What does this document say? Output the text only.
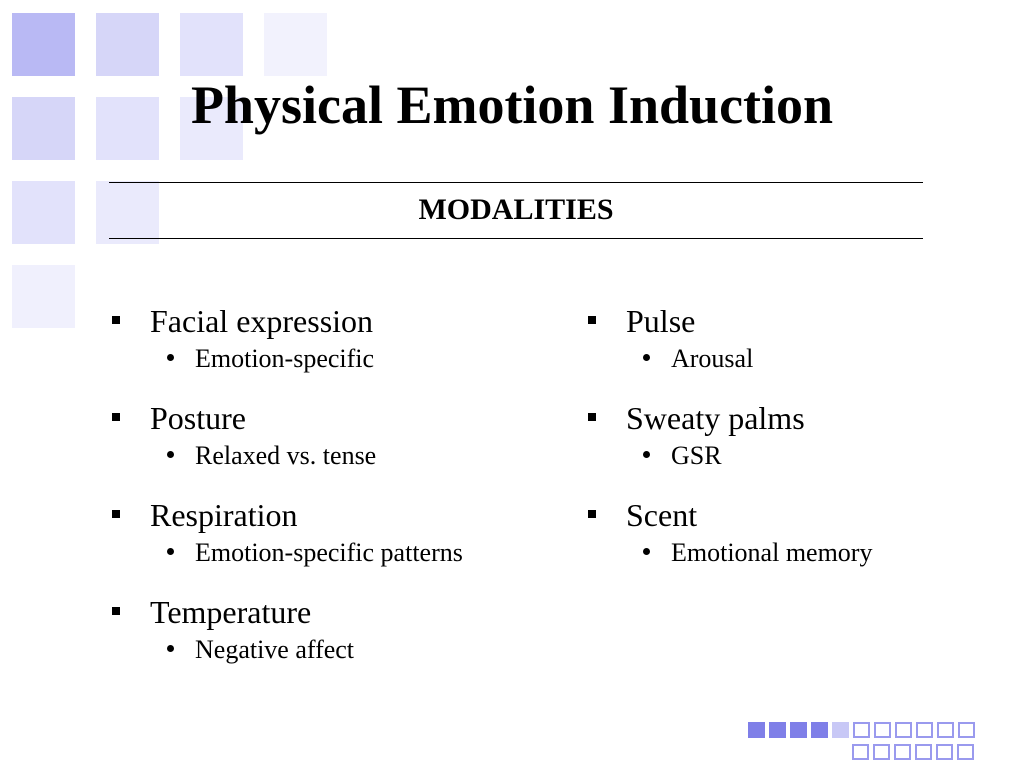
Physical Emotion Induction
MODALITIES
Facial expression
Emotion-specific
Posture
Relaxed vs. tense
Respiration
Emotion-specific patterns
Temperature
Negative affect
Pulse
Arousal
Sweaty palms
GSR
Scent
Emotional memory
